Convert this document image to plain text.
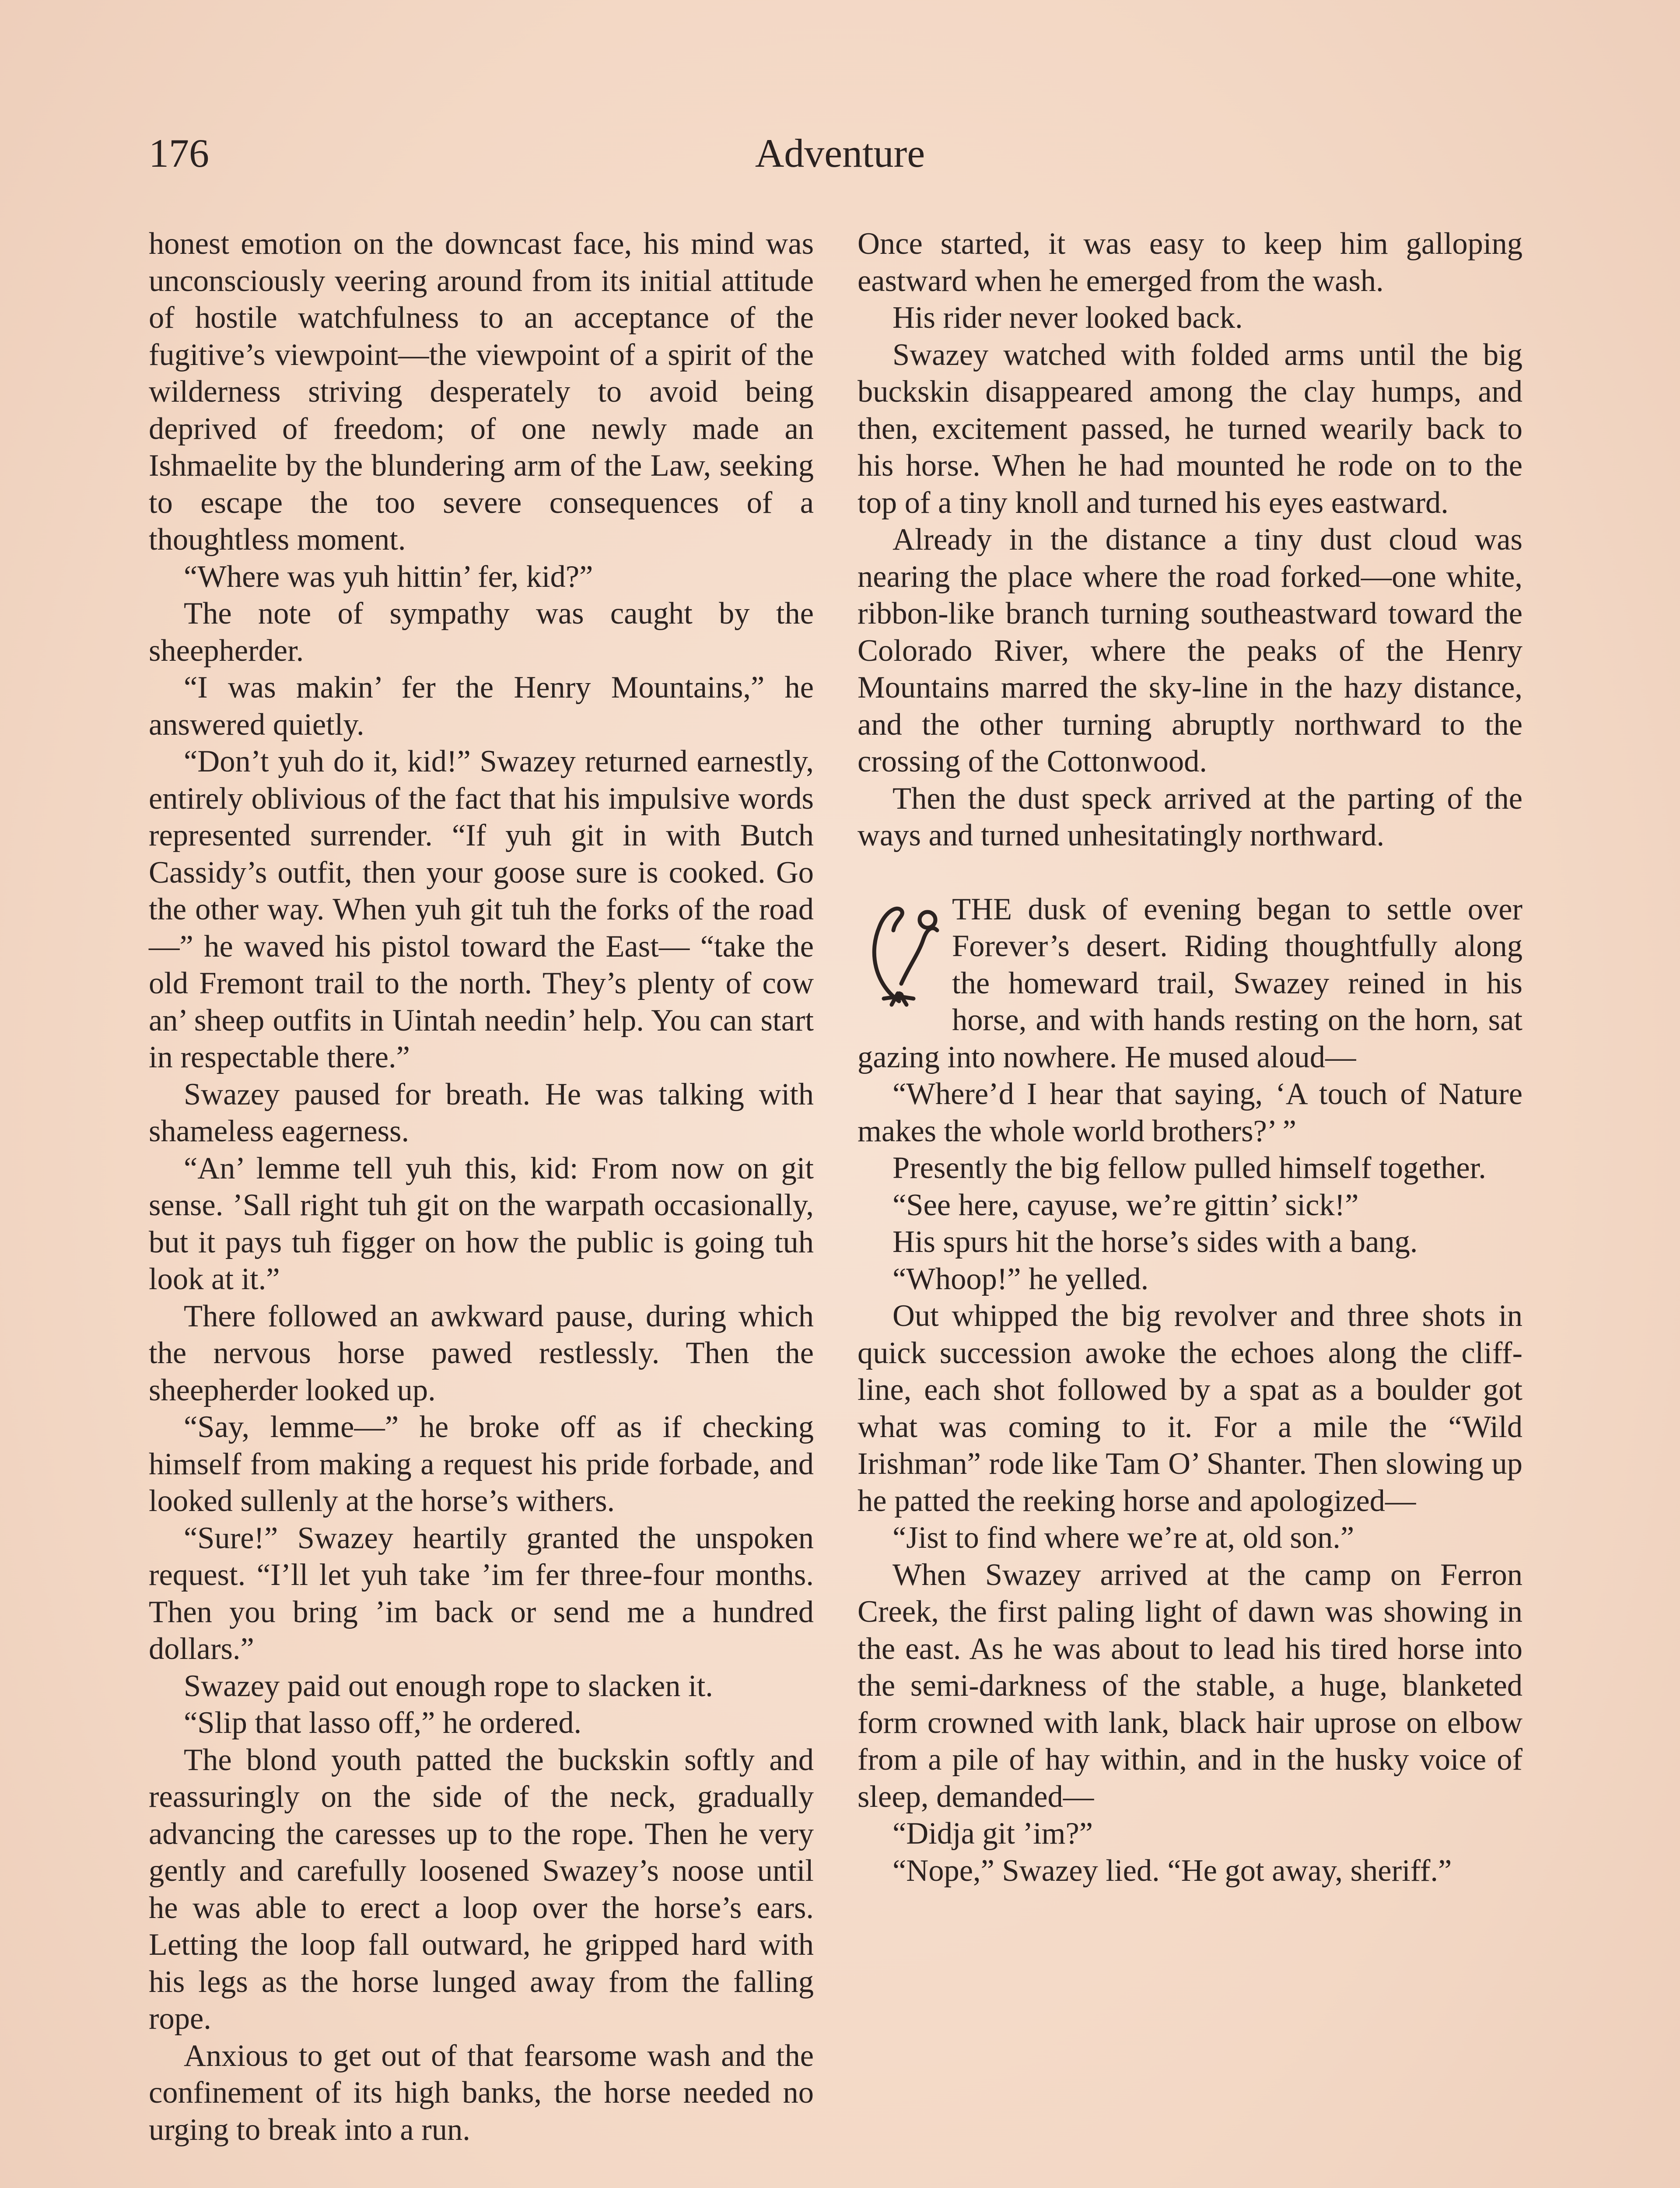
176	Adventure

honest emotion on the downcast face, his mind was unconsciously veering around from its initial attitude of hostile watchfulness to an acceptance of the fugitive’s viewpoint—the viewpoint of a spirit of the wilderness striving desperately to avoid being deprived of freedom; of one newly made an Ishmaelite by the blundering arm of the Law, seeking to escape the too severe consequences of a thoughtless moment.

“Where was yuh hittin’ fer, kid?”

The note of sympathy was caught by the sheepherder.

“I was makin’ fer the Henry Mountains,” he answered quietly.

“Don’t yuh do it, kid!” Swazey returned earnestly, entirely oblivious of the fact that his impulsive words represented surrender. “If yuh git in with Butch Cassidy’s outfit, then your goose sure is cooked. Go the other way. When yuh git tuh the forks of the road—” he waved his pistol toward the East— “take the old Fremont trail to the north. They’s plenty of cow an’ sheep outfits in Uintah needin’ help. You can start in respectable there.”

Swazey paused for breath. He was talking with shameless eagerness.

“An’ lemme tell yuh this, kid: From now on git sense. ’Sall right tuh git on the warpath occasionally, but it pays tuh figger on how the public is going tuh look at it.”

There followed an awkward pause, during which the nervous horse pawed restlessly. Then the sheepherder looked up.

“Say, lemme—” he broke off as if checking himself from making a request his pride forbade, and looked sullenly at the horse’s withers.

“Sure!” Swazey heartily granted the unspoken request. “I’ll let yuh take ’im fer three-four months. Then you bring ’im back or send me a hundred dollars.”

Swazey paid out enough rope to slacken it.

“Slip that lasso off,” he ordered.

The blond youth patted the buckskin softly and reassuringly on the side of the neck, gradually advancing the caresses up to the rope. Then he very gently and carefully loosened Swazey’s noose until he was able to erect a loop over the horse’s ears. Letting the loop fall outward, he gripped hard with his legs as the horse lunged away from the falling rope.

Anxious to get out of that fearsome wash and the confinement of its high banks, the horse needed no urging to break into a run.

Once started, it was easy to keep him galloping eastward when he emerged from the wash.

His rider never looked back.

Swazey watched with folded arms until the big buckskin disappeared among the clay humps, and then, excitement passed, he turned wearily back to his horse. When he had mounted he rode on to the top of a tiny knoll and turned his eyes eastward.

Already in the distance a tiny dust cloud was nearing the place where the road forked—one white, ribbon-like branch turning southeastward toward the Colorado River, where the peaks of the Henry Mountains marred the sky-line in the hazy distance, and the other turning abruptly northward to the crossing of the Cottonwood.

Then the dust speck arrived at the parting of the ways and turned unhesitatingly northward.

THE dusk of evening began to settle over Forever’s desert. Riding thoughtfully along the homeward trail, Swazey reined in his horse, and with hands resting on the horn, sat gazing into nowhere. He mused aloud—

“Where’d I hear that saying, ‘A touch of Nature makes the whole world brothers?’ ”

Presently the big fellow pulled himself together.

“See here, cayuse, we’re gittin’ sick!”

His spurs hit the horse’s sides with a bang.

“Whoop!” he yelled.

Out whipped the big revolver and three shots in quick succession awoke the echoes along the cliff-line, each shot followed by a spat as a boulder got what was coming to it. For a mile the “Wild Irishman” rode like Tam O’ Shanter. Then slowing up he patted the reeking horse and apologized—

“Jist to find where we’re at, old son.”

When Swazey arrived at the camp on Ferron Creek, the first paling light of dawn was showing in the east. As he was about to lead his tired horse into the semi-darkness of the stable, a huge, blanketed form crowned with lank, black hair uprose on elbow from a pile of hay within, and in the husky voice of sleep, demanded—

“Didja git ’im?”

“Nope,” Swazey lied. “He got away, sheriff.”
